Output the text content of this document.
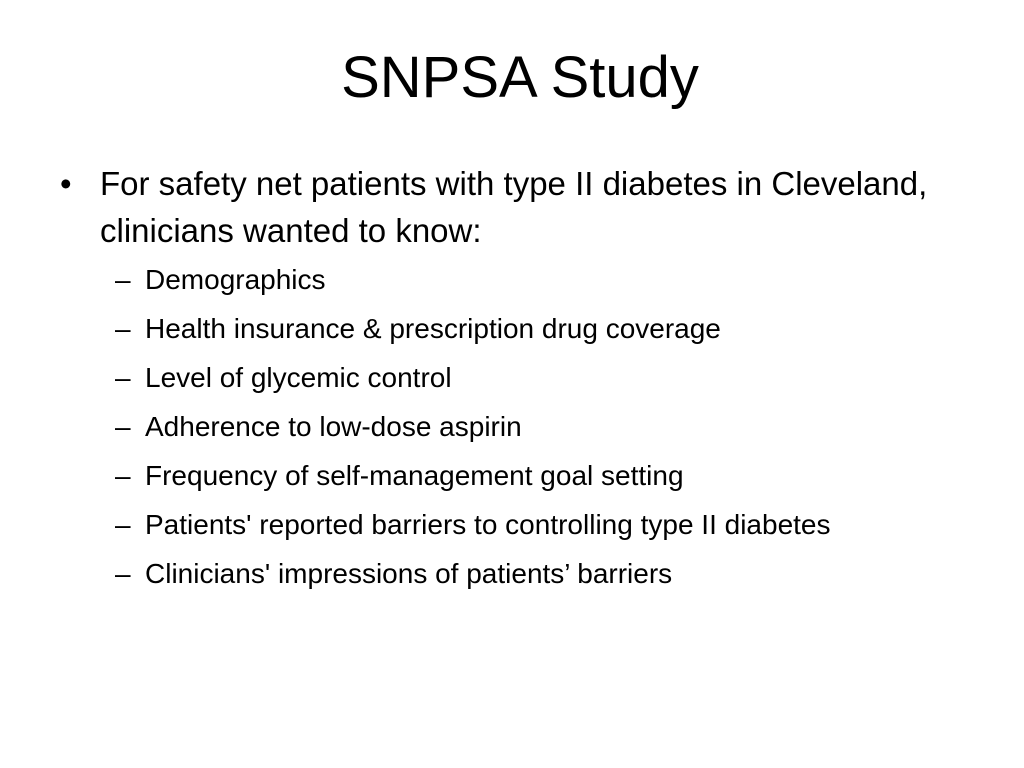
SNPSA Study

• For safety net patients with type II diabetes in Cleveland, clinicians wanted to know:

– Demographics
– Health insurance & prescription drug coverage
– Level of glycemic control
– Adherence to low-dose aspirin
– Frequency of self-management goal setting
– Patients' reported barriers to controlling type II diabetes
– Clinicians' impressions of patients’ barriers
